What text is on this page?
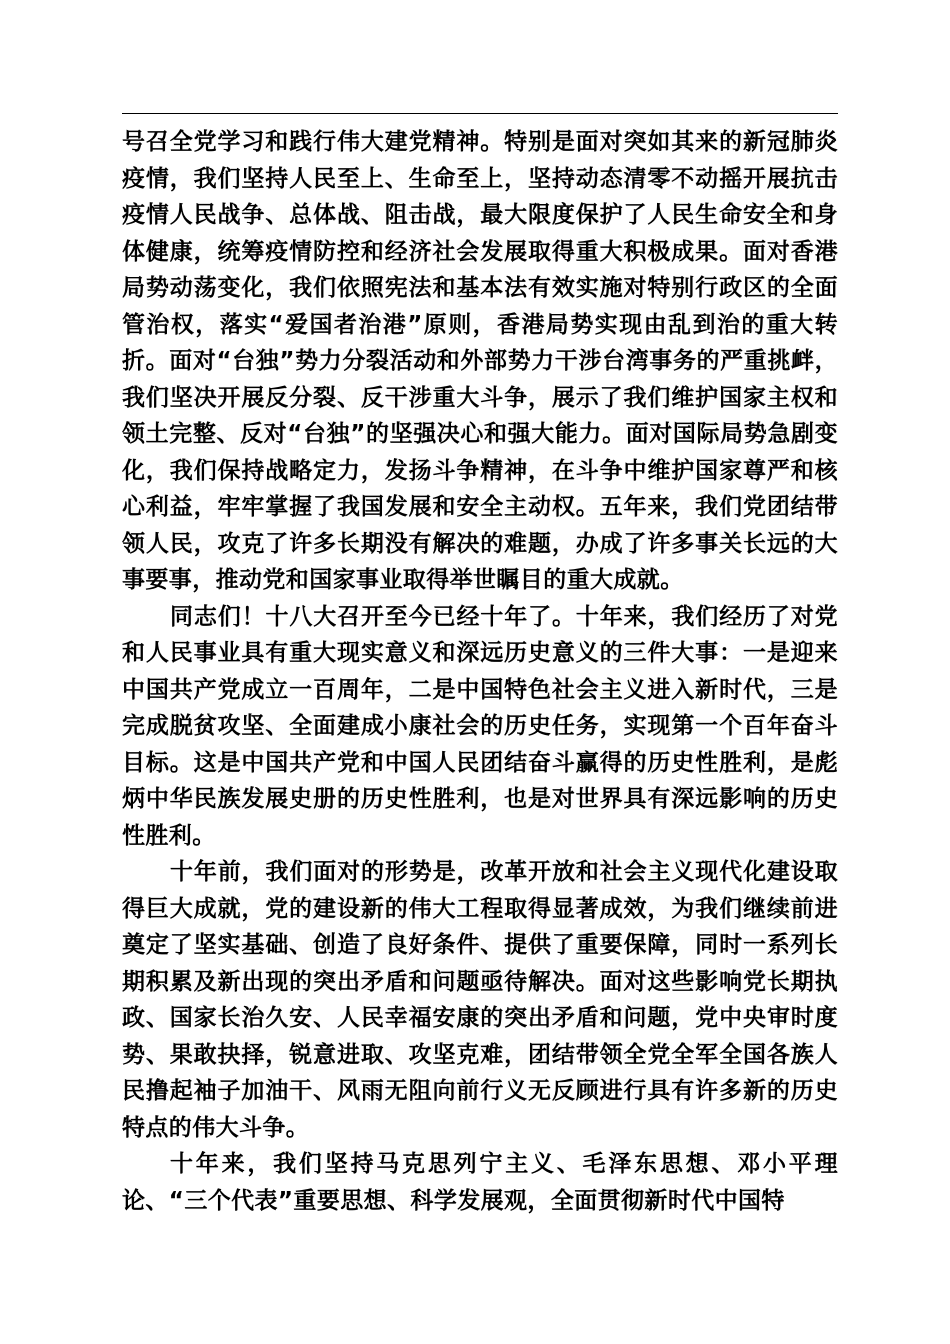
号召全党学习和践行伟大建党精神。特别是面对突如其来的新冠肺炎疫情，我们坚持人民至上、生命至上，坚持动态清零不动摇开展抗击疫情人民战争、总体战、阻击战，最大限度保护了人民生命安全和身体健康，统筹疫情防控和经济社会发展取得重大积极成果。面对香港局势动荡变化，我们依照宪法和基本法有效实施对特别行政区的全面管治权，落实“爱国者治港”原则，香港局势实现由乱到治的重大转折。面对“台独”势力分裂活动和外部势力干涉台湾事务的严重挑衅，我们坚决开展反分裂、反干涉重大斗争，展示了我们维护国家主权和领土完整、反对“台独”的坚强决心和强大能力。面对国际局势急剧变化，我们保持战略定力，发扬斗争精神，在斗争中维护国家尊严和核心利益，牢牢掌握了我国发展和安全主动权。五年来，我们党团结带领人民，攻克了许多长期没有解决的难题，办成了许多事关长远的大事要事，推动党和国家事业取得举世瞩目的重大成就。

同志们！十八大召开至今已经十年了。十年来，我们经历了对党和人民事业具有重大现实意义和深远历史意义的三件大事：一是迎来中国共产党成立一百周年，二是中国特色社会主义进入新时代，三是完成脱贫攻坚、全面建成小康社会的历史任务，实现第一个百年奋斗目标。这是中国共产党和中国人民团结奋斗赢得的历史性胜利，是彪炳中华民族发展史册的历史性胜利，也是对世界具有深远影响的历史性胜利。

十年前，我们面对的形势是，改革开放和社会主义现代化建设取得巨大成就，党的建设新的伟大工程取得显著成效，为我们继续前进奠定了坚实基础、创造了良好条件、提供了重要保障，同时一系列长期积累及新出现的突出矛盾和问题亟待解决。面对这些影响党长期执政、国家长治久安、人民幸福安康的突出矛盾和问题，党中央审时度势、果敢抉择，锐意进取、攻坚克难，团结带领全党全军全国各族人民撸起袖子加油干、风雨无阻向前行义无反顾进行具有许多新的历史特点的伟大斗争。

十年来，我们坚持马克思列宁主义、毛泽东思想、邓小平理论、“三个代表”重要思想、科学发展观，全面贯彻新时代中国特
